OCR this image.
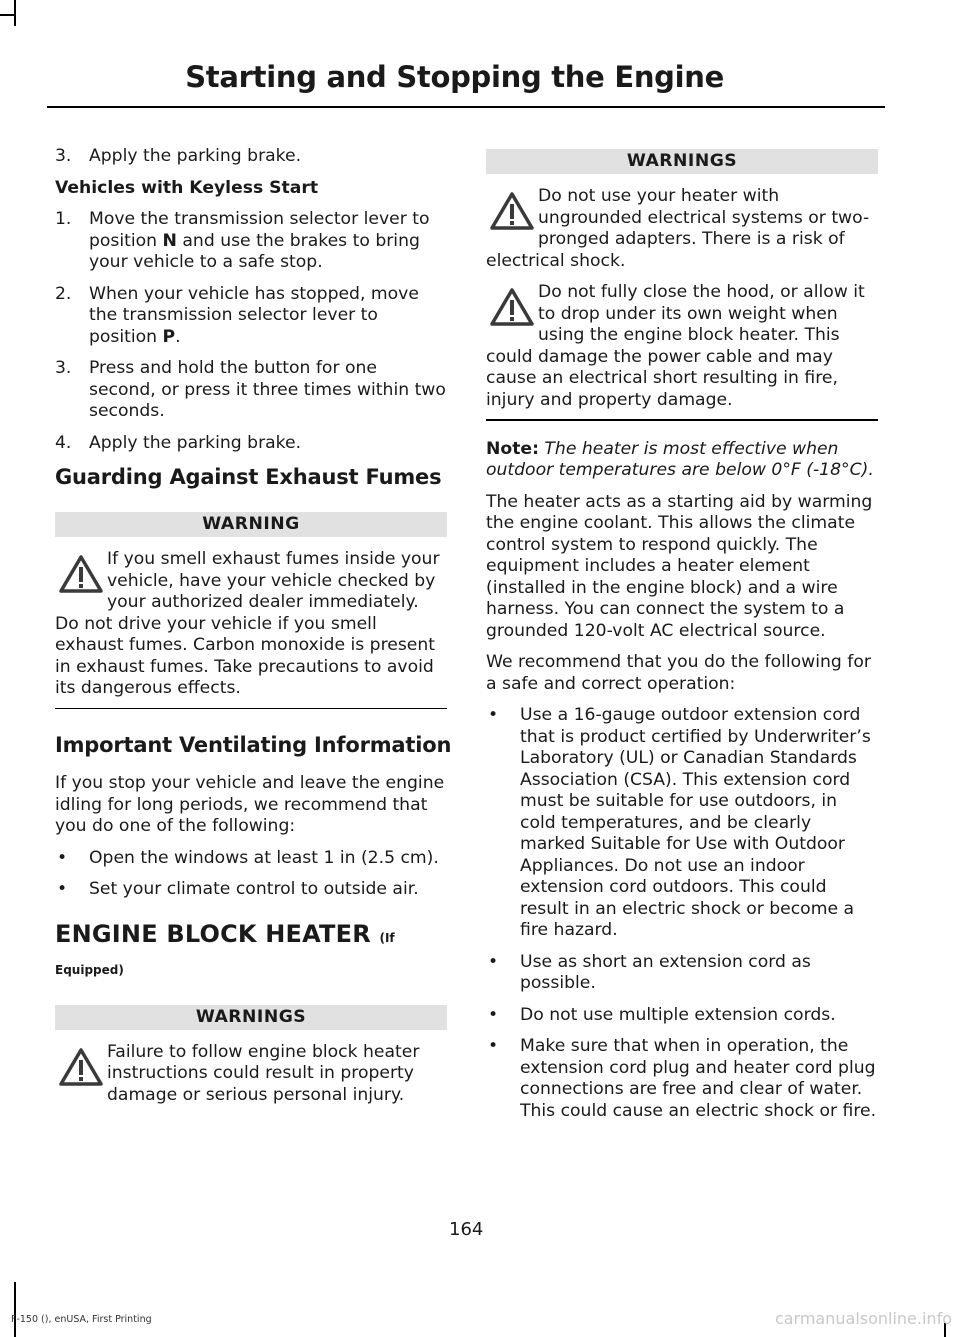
Starting and Stopping the Engine
3.	Apply the parking brake.
Vehicles with Keyless Start
1.	Move the transmission selector lever to position N and use the brakes to bring your vehicle to a safe stop.
2.	When your vehicle has stopped, move the transmission selector lever to position P.
3.	Press and hold the button for one second, or press it three times within two seconds.
4.	Apply the parking brake.
Guarding Against Exhaust Fumes
WARNING
If you smell exhaust fumes inside your vehicle, have your vehicle checked by your authorized dealer immediately. Do not drive your vehicle if you smell exhaust fumes. Carbon monoxide is present in exhaust fumes. Take precautions to avoid its dangerous effects.
Important Ventilating Information

If you stop your vehicle and leave the engine idling for long periods, we recommend that you do one of the following:

•	Open the windows at least 1 in (2.5 cm).
•	Set your climate control to outside air.
ENGINE BLOCK HEATER (If
Equipped)
WARNINGS
Failure to follow engine block heater instructions could result in property damage or serious personal injury.
WARNINGS
Do not use your heater with ungrounded electrical systems or two-pronged adapters. There is a risk of electrical shock.
Do not fully close the hood, or allow it to drop under its own weight when using the engine block heater. This could damage the power cable and may cause an electrical short resulting in fire, injury and property damage.

Note: The heater is most effective when outdoor temperatures are below 0°F (-18°C).

The heater acts as a starting aid by warming the engine coolant. This allows the climate control system to respond quickly. The equipment includes a heater element (installed in the engine block) and a wire harness. You can connect the system to a grounded 120-volt AC electrical source.

We recommend that you do the following for a safe and correct operation:

•	Use a 16-gauge outdoor extension cord that is product certified by Underwriter’s Laboratory (UL) or Canadian Standards Association (CSA). This extension cord must be suitable for use outdoors, in cold temperatures, and be clearly marked Suitable for Use with Outdoor Appliances. Do not use an indoor extension cord outdoors. This could result in an electric shock or become a fire hazard.
•	Use as short an extension cord as possible.
•	Do not use multiple extension cords.
•	Make sure that when in operation, the extension cord plug and heater cord plug connections are free and clear of water. This could cause an electric shock or fire.
164
F-150 (), enUSA, First Printing	carmanualsonline.info
